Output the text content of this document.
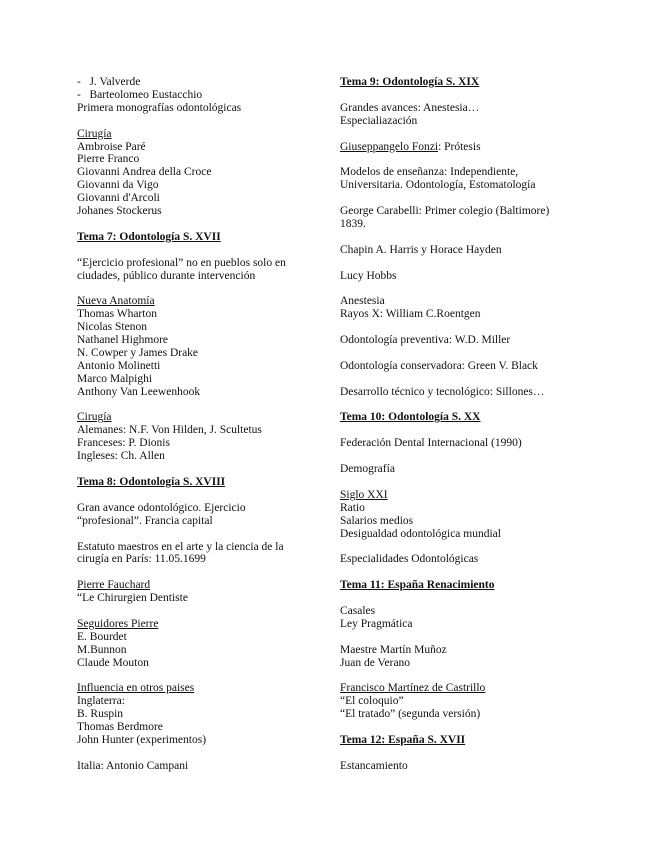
-   J. Valverde
-   Barteolomeo Eustacchio
Primera monografías odontológicas
Cirugía
Ambroise Paré
Pierre Franco
Giovanni Andrea della Croce
Giovanni da Vigo
Giovanni d'Arcoli
Johanes Stockerus
Tema 7: Odontología S. XVII
“Ejercicio profesional” no en pueblos solo en
ciudades, público durante intervención
Nueva Anatomía
Thomas Wharton
Nicolas Stenon
Nathanel Highmore
N. Cowper y James Drake
Antonio Molinetti
Marco Malpighi
Anthony Van Leewenhook
Cirugía
Alemanes: N.F. Von Hilden, J. Scultetus
Franceses: P. Dionis
Ingleses: Ch. Allen
Tema 8: Odontología S. XVIII
Gran avance odontológico. Ejercicio
“profesional”. Francia capital
Estatuto maestros en el arte y la ciencia de la
cirugía en París: 11.05.1699
Pierre Fauchard
“Le Chirurgien Dentiste
Seguidores Pierre
E. Bourdet
M.Bunnon
Claude Mouton
Influencia en otros paises
Inglaterra:
B. Ruspin
Thomas Berdmore
John Hunter (experimentos)
Italia: Antonio Campani
Tema 9: Odontología S. XIX
Grandes avances: Anestesia…
Especialiazación
Giuseppangelo Fonzi: Prótesis
Modelos de enseñanza: Independiente,
Universitaria. Odontología, Estomatología
George Carabelli: Primer colegio (Baltimore)
1839.
Chapin A. Harris y Horace Hayden
Lucy Hobbs
Anestesia
Rayos X: William C.Roentgen
Odontología preventiva: W.D. Miller
Odontología conservadora: Green V. Black
Desarrollo técnico y tecnológico: Sillones…
Tema 10: Odontología S. XX
Federación Dental Internacional (1990)
Demografía
Siglo XXI
Ratio
Salarios medios
Desigualdad odontológica mundial
Especialidades Odontológicas
Tema 11: España Renacimiento
Casales
Ley Pragmática
Maestre Martín Muñoz
Juan de Verano
Francisco Martínez de Castrillo
“El coloquio”
“El tratado” (segunda versión)
Tema 12: España S. XVII
Estancamiento
